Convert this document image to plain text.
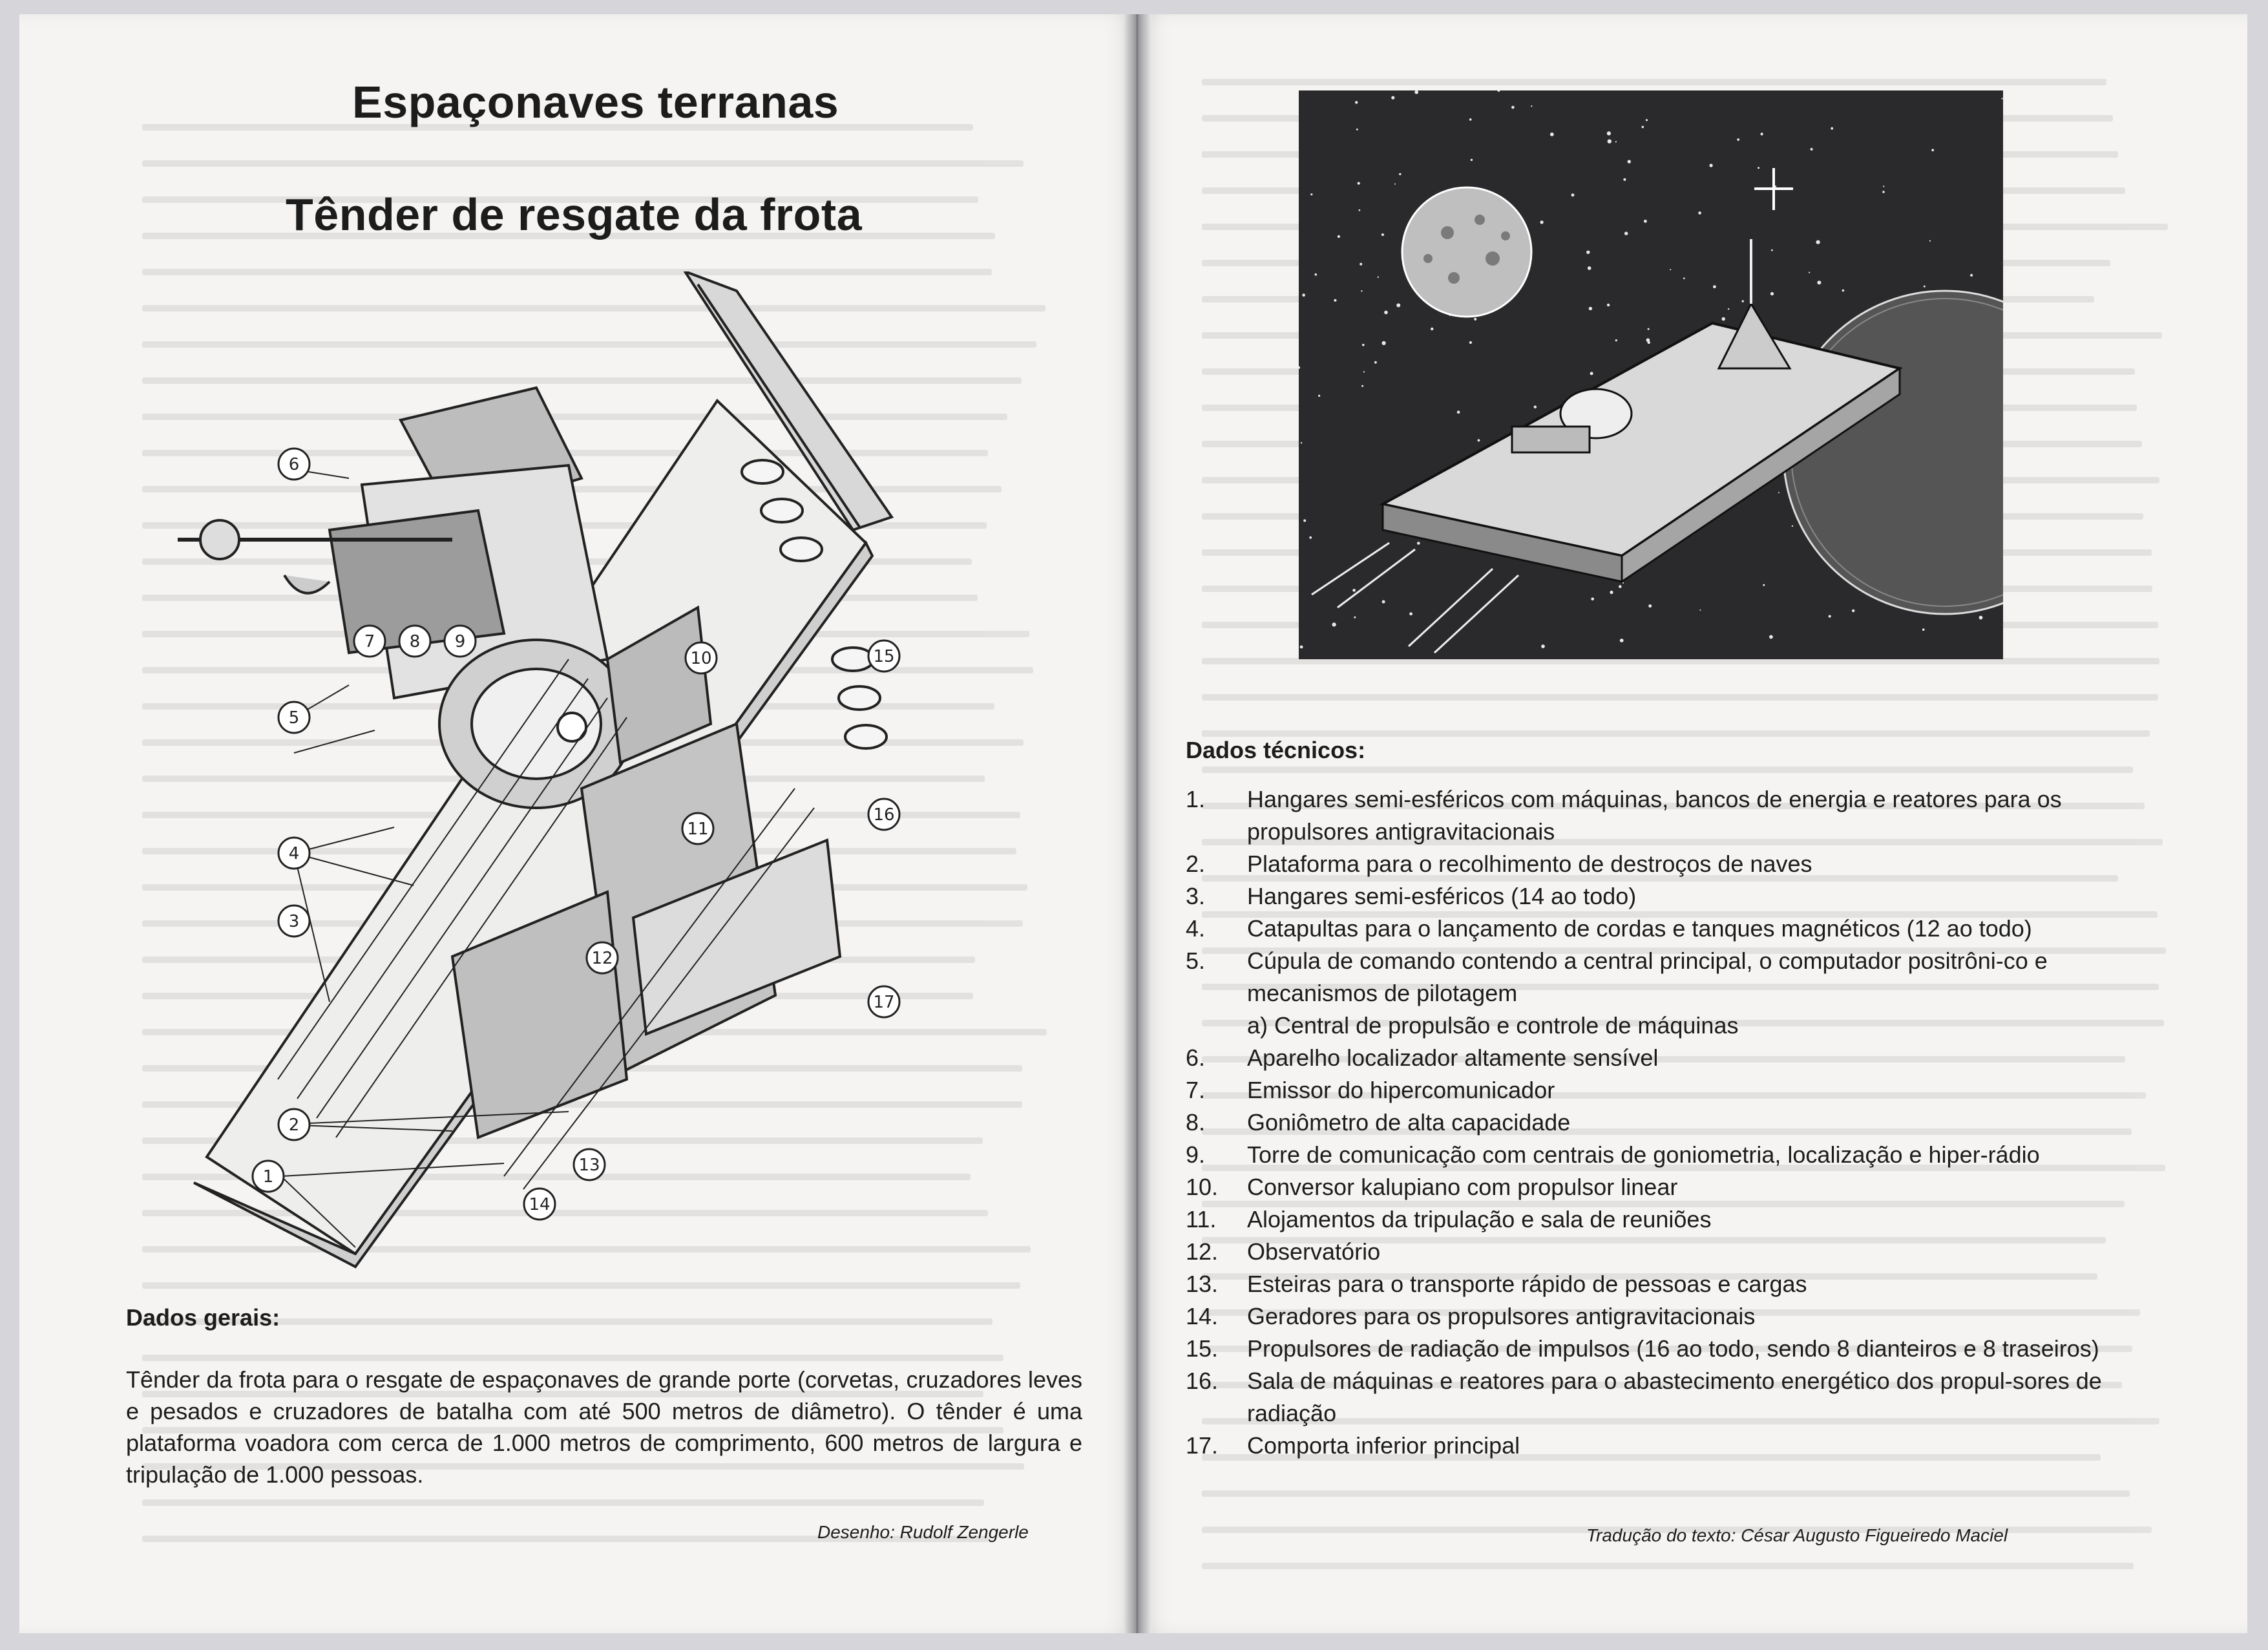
Espaçonaves terranas
Tênder de resgate da frota
1
2
3
4
5
6
7 8 9
10
11
12
13
14
15
16
17
Dados gerais:
Tênder da frota para o resgate de espaçonaves de grande porte (corvetas, cruzadores leves e pesados e cruzadores de batalha com até 500 metros de diâmetro). O tênder é uma plataforma voadora com cerca de 1.000 metros de comprimento, 600 metros de largura e tripulação de 1.000 pessoas.
Desenho: Rudolf Zengerle
Dados técnicos:
1.	Hangares semi-esféricos com máquinas, bancos de energia e reatores para os propulsores antigravitacionais
2.	Plataforma para o recolhimento de destroços de naves
3.	Hangares semi-esféricos (14 ao todo)
4.	Catapultas para o lançamento de cordas e tanques magnéticos (12 ao todo)
5.	Cúpula de comando contendo a central principal, o computador positrôni-co e mecanismos de pilotagem
a) Central de propulsão e controle de máquinas
6.	Aparelho localizador altamente sensível
7.	Emissor do hipercomunicador
8.	Goniômetro de alta capacidade
9.	Torre de comunicação com centrais de goniometria, localização e hiper-rádio
10.	Conversor kalupiano com propulsor linear
11.	Alojamentos da tripulação e sala de reuniões
12.	Observatório
13.	Esteiras para o transporte rápido de pessoas e cargas
14.	Geradores para os propulsores antigravitacionais
15.	Propulsores de radiação de impulsos (16 ao todo, sendo 8 dianteiros e 8 traseiros)
16.	Sala de máquinas e reatores para o abastecimento energético dos propul-sores de radiação
17.	Comporta inferior principal
Tradução do texto: César Augusto Figueiredo Maciel
